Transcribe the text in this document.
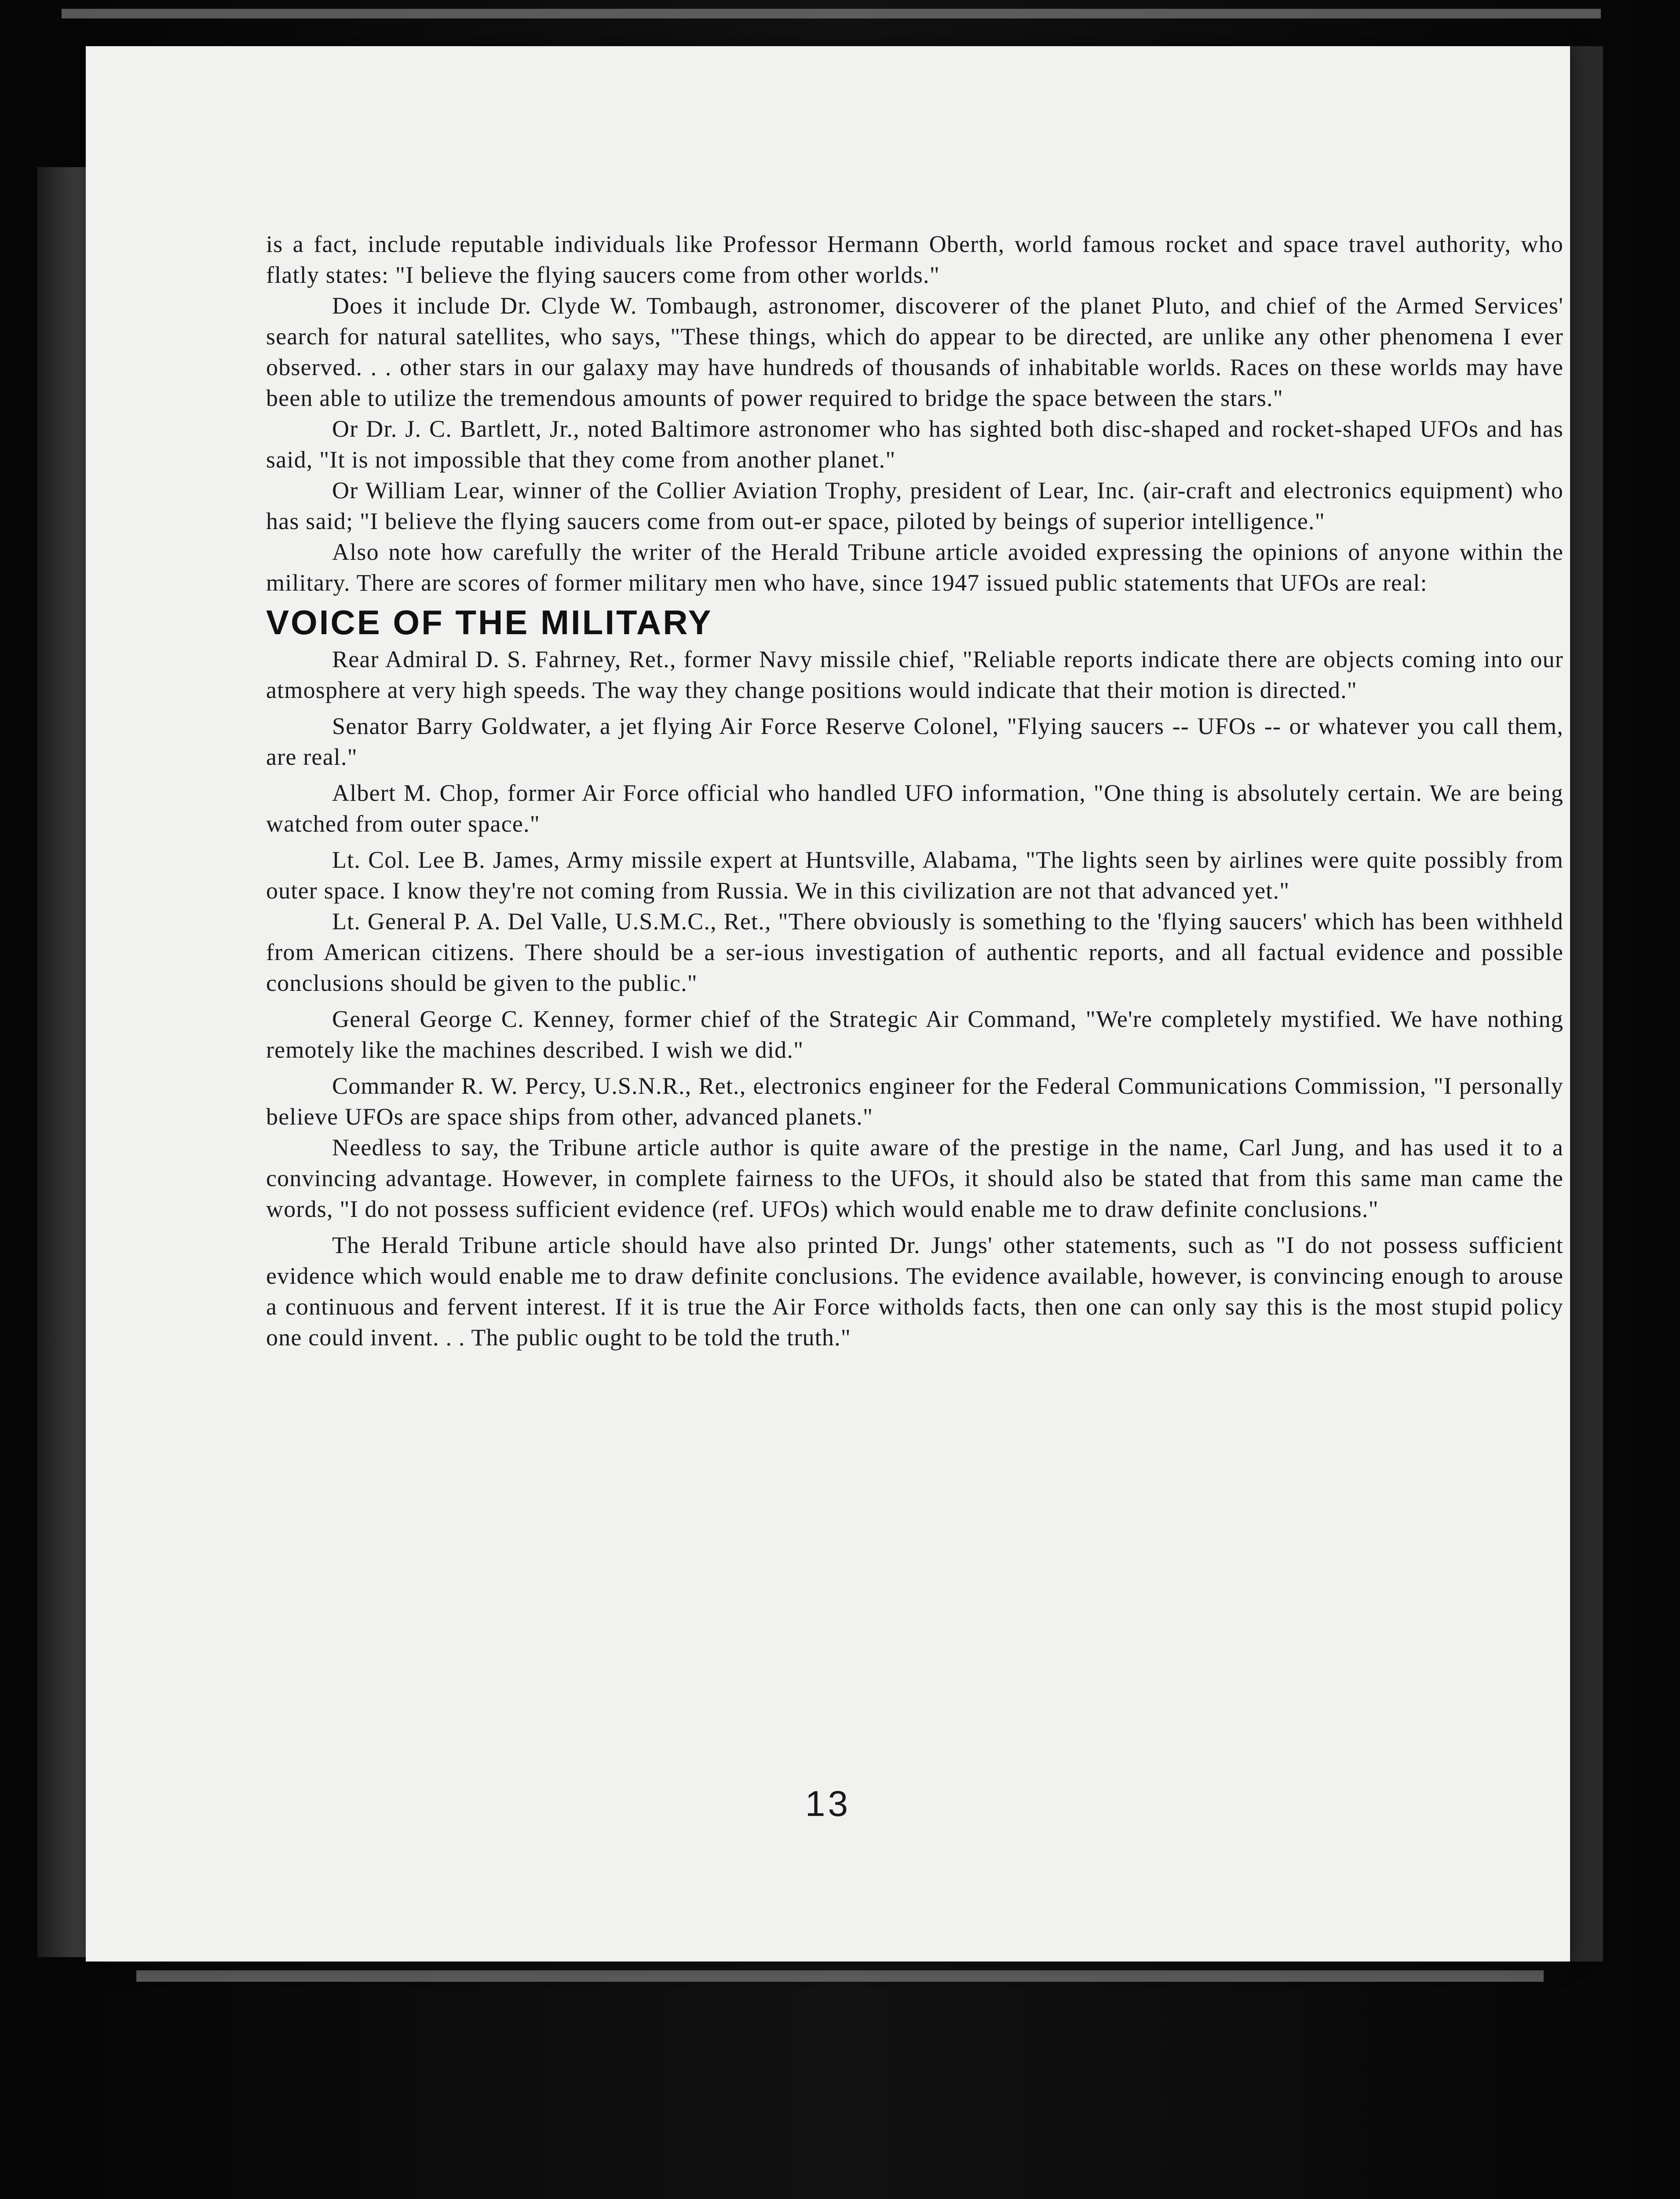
13

is a fact, include reputable individuals like Professor Hermann Oberth, world famous rocket and space travel authority, who flatly states: "I believe the flying saucers come from other worlds."

Does it include Dr. Clyde W. Tombaugh, astronomer, discoverer of the planet Pluto, and chief of the Armed Services' search for natural satellites, who says, "These things, which do appear to be directed, are unlike any other phenomena I ever observed. . . other stars in our galaxy may have hundreds of thousands of inhabitable worlds. Races on these worlds may have been able to utilize the tremendous amounts of power required to bridge the space between the stars."

Or Dr. J. C. Bartlett, Jr., noted Baltimore astronomer who has sighted both disc-shaped and rocket-shaped UFOs and has said, "It is not impossible that they come from another planet."

Or William Lear, winner of the Collier Aviation Trophy, president of Lear, Inc. (air-craft and electronics equipment) who has said; "I believe the flying saucers come from out-er space, piloted by beings of superior intelligence."

Also note how carefully the writer of the Herald Tribune article avoided expressing the opinions of anyone within the military. There are scores of former military men who have, since 1947 issued public statements that UFOs are real:

VOICE OF THE MILITARY

Rear Admiral D. S. Fahrney, Ret., former Navy missile chief, "Reliable reports indicate there are objects coming into our atmosphere at very high speeds. The way they change positions would indicate that their motion is directed."

Senator Barry Goldwater, a jet flying Air Force Reserve Colonel, "Flying saucers -- UFOs -- or whatever you call them, are real."

Albert M. Chop, former Air Force official who handled UFO information, "One thing is absolutely certain. We are being watched from outer space."

Lt. Col. Lee B. James, Army missile expert at Huntsville, Alabama, "The lights seen by airlines were quite possibly from outer space. I know they're not coming from Russia. We in this civilization are not that advanced yet."

Lt. General P. A. Del Valle, U.S.M.C., Ret., "There obviously is something to the 'flying saucers' which has been withheld from American citizens. There should be a ser-ious investigation of authentic reports, and all factual evidence and possible conclusions should be given to the public."

General George C. Kenney, former chief of the Strategic Air Command, "We're completely mystified. We have nothing remotely like the machines described. I wish we did."

Commander R. W. Percy, U.S.N.R., Ret., electronics engineer for the Federal Communications Commission, "I personally believe UFOs are space ships from other, advanced planets."

Needless to say, the Tribune article author is quite aware of the prestige in the name, Carl Jung, and has used it to a convincing advantage. However, in complete fairness to the UFOs, it should also be stated that from this same man came the words, "I do not possess sufficient evidence (ref. UFOs) which would enable me to draw definite conclusions."

The Herald Tribune article should have also printed Dr. Jungs' other statements, such as "I do not possess sufficient evidence which would enable me to draw definite conclusions. The evidence available, however, is convincing enough to arouse a continuous and fervent interest. If it is true the Air Force witholds facts, then one can only say this is the most stupid policy one could invent. . . The public ought to be told the truth."
